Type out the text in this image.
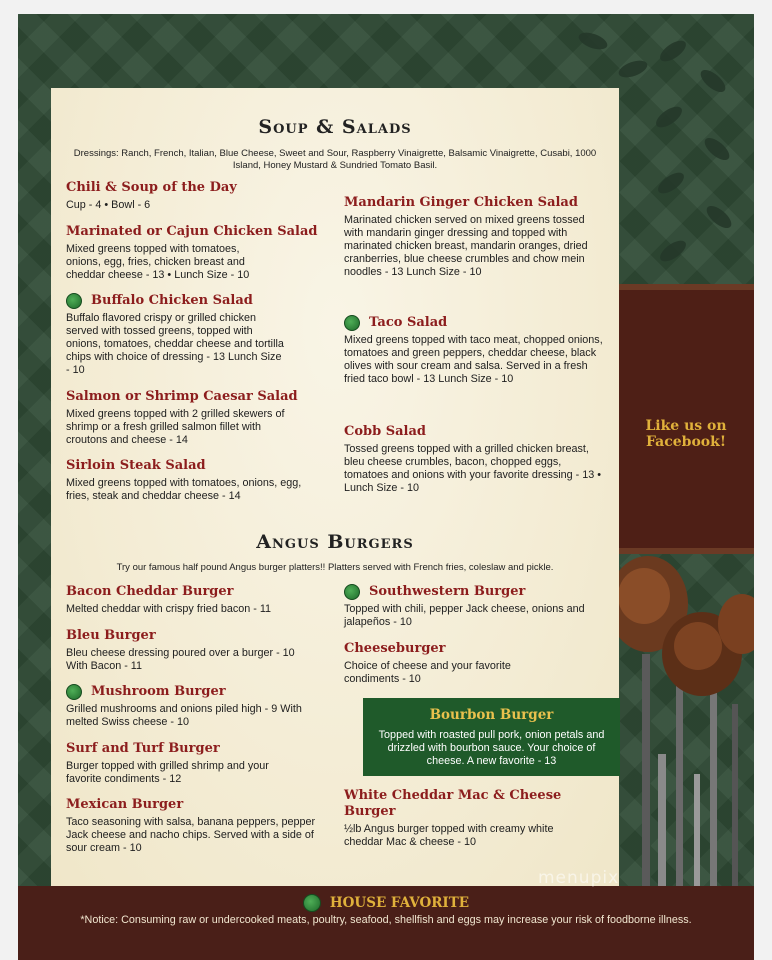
Like us on Facebook!
Soup & Salads
Dressings: Ranch, French, Italian, Blue Cheese, Sweet and Sour, Raspberry Vinaigrette, Balsamic Vinaigrette, Cusabi, 1000 Island, Honey Mustard & Sundried Tomato Basil.
Chili & Soup of the Day
Cup - 4 • Bowl - 6
Marinated or Cajun Chicken Salad
Mixed greens topped with tomatoes, onions, egg, fries, chicken breast and cheddar cheese - 13 • Lunch Size - 10
Buffalo Chicken Salad
Buffalo flavored crispy or grilled chicken served with tossed greens, topped with onions, tomatoes, cheddar cheese and tortilla chips with choice of dressing - 13 Lunch Size - 10
Salmon or Shrimp Caesar Salad
Mixed greens topped with 2 grilled skewers of shrimp or a fresh grilled salmon fillet with croutons and cheese - 14
Sirloin Steak Salad
Mixed greens topped with tomatoes, onions, egg, fries, steak and cheddar cheese - 14
Mandarin Ginger Chicken Salad
Marinated chicken served on mixed greens tossed with mandarin ginger dressing and topped with marinated chicken breast, mandarin oranges, dried cranberries, blue cheese crumbles and chow mein noodles - 13 Lunch Size - 10
Taco Salad
Mixed greens topped with taco meat, chopped onions, tomatoes and green peppers, cheddar cheese, black olives with sour cream and salsa. Served in a fresh fried taco bowl - 13 Lunch Size - 10
Cobb Salad
Tossed greens topped with a grilled chicken breast, bleu cheese crumbles, bacon, chopped eggs, tomatoes and onions with your favorite dressing - 13 • Lunch Size - 10
Angus Burgers
Try our famous half pound Angus burger platters!! Platters served with French fries, coleslaw and pickle.
Bacon Cheddar Burger
Melted cheddar with crispy fried bacon - 11
Bleu Burger
Bleu cheese dressing poured over a burger - 10 With Bacon - 11
Mushroom Burger
Grilled mushrooms and onions piled high - 9 With melted Swiss cheese - 10
Surf and Turf Burger
Burger topped with grilled shrimp and your favorite condiments - 12
Mexican Burger
Taco seasoning with salsa, banana peppers, pepper Jack cheese and nacho chips. Served with a side of sour cream - 10
Southwestern Burger
Topped with chili, pepper Jack cheese, onions and jalapeños - 10
Cheeseburger
Choice of cheese and your favorite condiments - 10
Bourbon Burger
Topped with roasted pull pork, onion petals and drizzled with bourbon sauce. Your choice of cheese. A new favorite - 13
White Cheddar Mac & Cheese Burger
½lb Angus burger topped with creamy white cheddar Mac & cheese - 10
HOUSE FAVORITE
*Notice: Consuming raw or undercooked meats, poultry, seafood, shellfish and eggs may increase your risk of foodborne illness.
menupix
